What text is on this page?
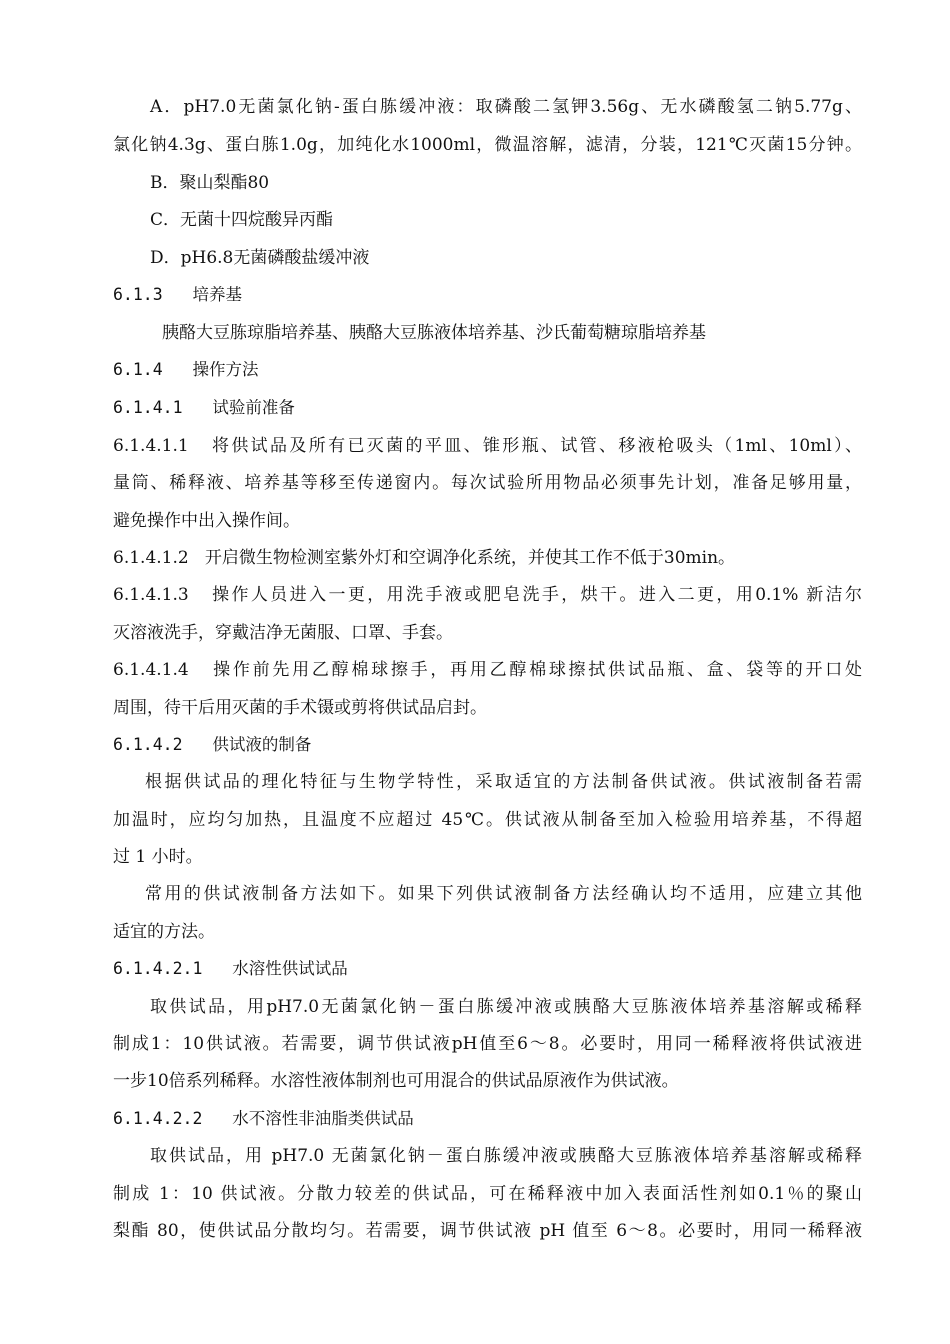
A．pH7.0无菌氯化钠-蛋白胨缓冲液：取磷酸二氢钾3.56g、无水磷酸氢二钠5.77g、
氯化钠4.3g、蛋白胨1.0g，加纯化水1000ml，微温溶解，滤清，分装，121℃灭菌15分钟。
B．聚山梨酯80
C．无菌十四烷酸异丙酯
D．pH6.8无菌磷酸盐缓冲液
6.1.3   培养基
胰酪大豆胨琼脂培养基、胰酪大豆胨液体培养基、沙氏葡萄糖琼脂培养基
6.1.4   操作方法
6.1.4.1   试验前准备
6.1.4.1.1   将供试品及所有已灭菌的平皿、锥形瓶、试管、移液枪吸头（1ml、10ml）、
量筒、稀释液、培养基等移至传递窗内。每次试验所用物品必须事先计划，准备足够用量，
避免操作中出入操作间。
6.1.4.1.2   开启微生物检测室紫外灯和空调净化系统，并使其工作不低于30min。
6.1.4.1.3   操作人员进入一更，用洗手液或肥皂洗手，烘干。进入二更，用0.1% 新洁尔
灭溶液洗手，穿戴洁净无菌服、口罩、手套。
6.1.4.1.4   操作前先用乙醇棉球擦手，再用乙醇棉球擦拭供试品瓶、盒、袋等的开口处
周围，待干后用灭菌的手术镊或剪将供试品启封。
6.1.4.2   供试液的制备
根据供试品的理化特征与生物学特性，采取适宜的方法制备供试液。供试液制备若需
加温时，应均匀加热，且温度不应超过 45℃。供试液从制备至加入检验用培养基，不得超
过 1 小时。
常用的供试液制备方法如下。如果下列供试液制备方法经确认均不适用，应建立其他
适宜的方法。
6.1.4.2.1   水溶性供试试品
取供试品，用pH7.0无菌氯化钠－蛋白胨缓冲液或胰酪大豆胨液体培养基溶解或稀释
制成1：10供试液。若需要，调节供试液pH值至6～8。必要时，用同一稀释液将供试液进
一步10倍系列稀释。水溶性液体制剂也可用混合的供试品原液作为供试液。
6.1.4.2.2   水不溶性非油脂类供试品
取供试品，用 pH7.0 无菌氯化钠－蛋白胨缓冲液或胰酪大豆胨液体培养基溶解或稀释
制成 1：10 供试液。分散力较差的供试品，可在稀释液中加入表面活性剂如0.1％的聚山
梨酯 80，使供试品分散均匀。若需要，调节供试液 pH 值至 6～8。必要时，用同一稀释液
